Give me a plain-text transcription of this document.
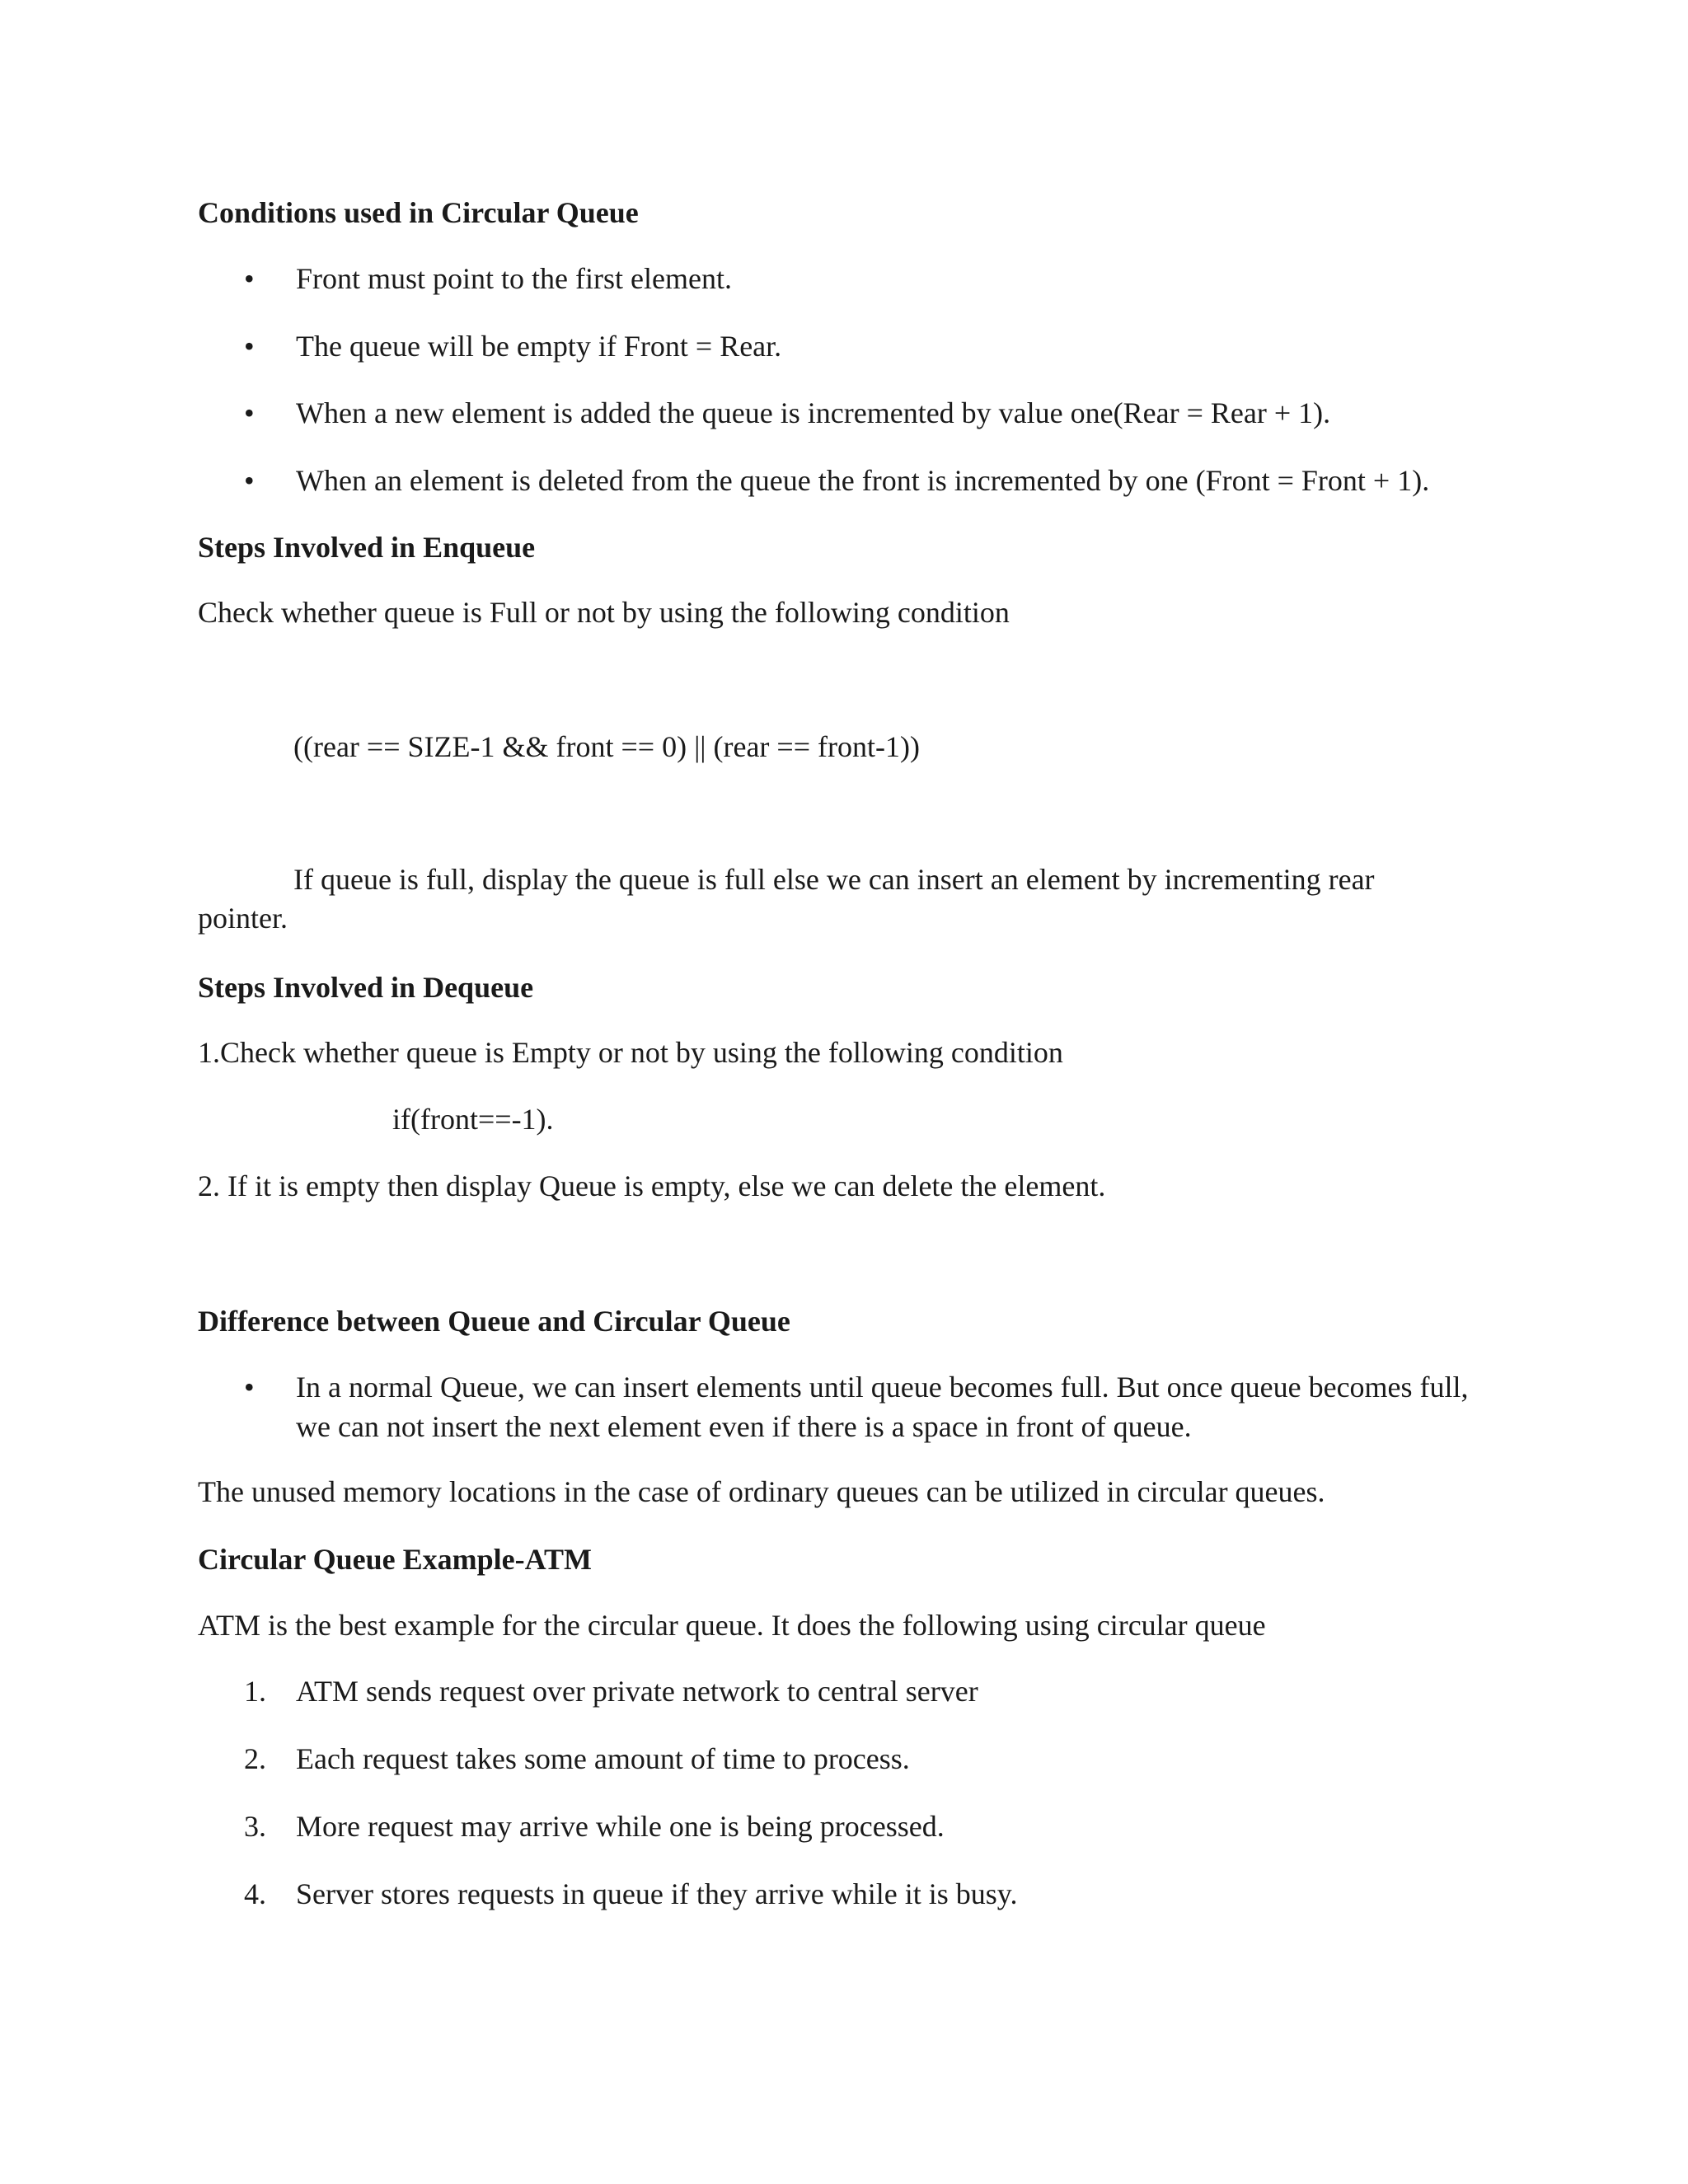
Conditions used in Circular Queue
• Front must point to the first element.
• The queue will be empty if Front = Rear.
• When a new element is added the queue is incremented by value one(Rear = Rear + 1).
• When an element is deleted from the queue the front is incremented by one (Front = Front + 1).
Steps Involved in Enqueue
Check whether queue is Full or not by using the following condition
((rear == SIZE-1 && front == 0) || (rear == front-1))
If queue is full, display the queue is full else we can insert an element by incrementing rear
pointer.
Steps Involved in Dequeue
1.Check whether queue is Empty or not by using the following condition
if(front==-1).
2. If it is empty then display Queue is empty, else we can delete the element.
Difference between Queue and Circular Queue
• In a normal Queue, we can insert elements until queue becomes full. But once queue becomes full,
we can not insert the next element even if there is a space in front of queue.
The unused memory locations in the case of ordinary queues can be utilized in circular queues.
Circular Queue Example-ATM
ATM is the best example for the circular queue. It does the following using circular queue
1. ATM sends request over private network to central server
2. Each request takes some amount of time to process.
3. More request may arrive while one is being processed.
4. Server stores requests in queue if they arrive while it is busy.
